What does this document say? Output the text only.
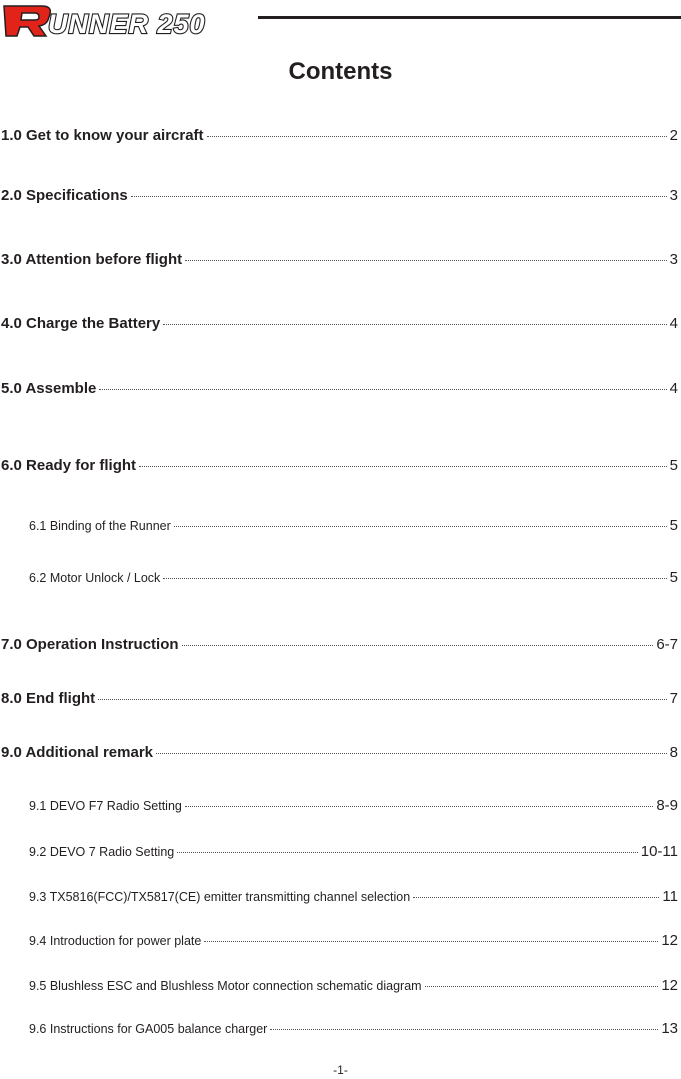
UNNER 250
Contents
1.0 Get to know your aircraft	2
2.0 Specifications	3
3.0 Attention before flight	3
4.0 Charge the Battery	4
5.0 Assemble	4
6.0 Ready for flight	5
6.1 Binding of the Runner	5
6.2 Motor Unlock / Lock	5
7.0 Operation Instruction	6-7
8.0 End flight	7
9.0 Additional remark	8
9.1 DEVO F7 Radio Setting	8-9
9.2 DEVO 7 Radio Setting	10-11
9.3 TX5816(FCC)/TX5817(CE) emitter transmitting channel selection	11
9.4 Introduction for power plate	12
9.5 Blushless ESC and Blushless Motor connection schematic diagram	12
9.6 Instructions for GA005 balance charger	13
-1-
